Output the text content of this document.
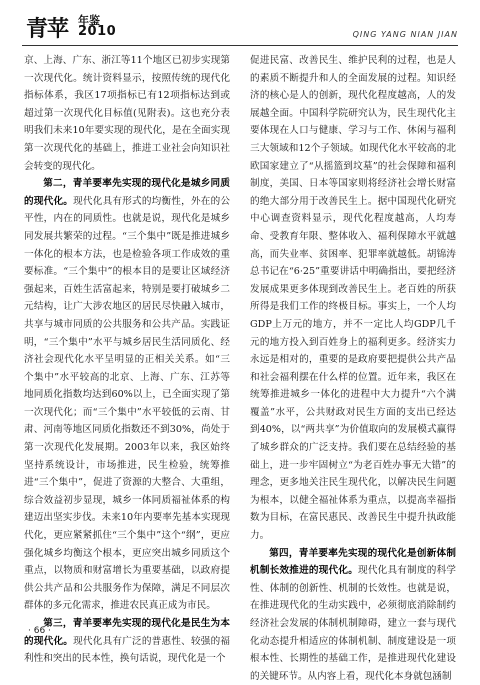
青苹 年鉴
2010	QING YANG NIAN JIAN

京、上海、广东、浙江等11个地区已初步实现第一次现代化。统计资料显示，按照传统的现代化指标体系，我区17项指标已有12项指标达到或超过第一次现代化目标值(见附表)。这也充分表明我们未来10年要实现的现代化，是在全面实现第一次现代化的基础上，推进工业社会向知识社会转变的现代化。

第二，青羊要率先实现的现代化是城乡同质的现代化。现代化具有形式的均衡性，外在的公平性，内在的同质性。也就是说，现代化是城乡同发展共繁荣的过程。“三个集中”既是推进城乡一体化的根本方法，也是检验各项工作成效的重要标准。“三个集中”的根本目的是要让区域经济强起来，百姓生活富起来，特别是要打破城乡二元结构，让广大涉农地区的居民尽快融入城市，共享与城市同质的公共服务和公共产品。实践证明，“三个集中”水平与城乡居民生活同质化、经济社会现代化水平呈明显的正相关关系。如“三个集中”水平较高的北京、上海、广东、江苏等地同质化指数均达到60%以上，已全面实现了第一次现代化；而“三个集中”水平较低的云南、甘肃、河南等地区同质化指数还不到30%，尚处于第一次现代化发展期。2003年以来，我区始终坚持系统设计，市场推进，民生检验，统筹推进“三个集中”，促进了资源的大整合、大重组，综合效益初步显现，城乡一体同质福祉体系的构建迈出坚实步伐。未来10年内要率先基本实现现代化，更应紧紧抓住“三个集中”这个“纲”，更应强化城乡均衡这个根本，更应突出城乡同质这个重点，以物质和财富增长为重要基础，以政府提供公共产品和公共服务作为保障，满足不同层次群体的多元化需求，推进农民真正成为市民。

第三，青羊要率先实现的现代化是民生为本的现代化。现代化具有广泛的普惠性、较强的福利性和突出的民本性，换句话说，现代化是一个

促进民富、改善民生、维护民利的过程，也是人的素质不断提升和人的全面发展的过程。知识经济的核心是人的创新，现代化程度越高，人的发展越全面。中国科学院研究认为，民生现代化主要体现在人口与健康、学习与工作、休闲与福利三大领域和12个子领域。如现代化水平较高的北欧国家建立了“从摇篮到坟墓”的社会保障和福利制度，美国、日本等国家则将经济社会增长财富的绝大部分用于改善民生上。据中国现代化研究中心调查资料显示，现代化程度越高，人均寿命、受教育年限、整体收入、福利保障水平就越高，而失业率、贫困率、犯罪率就越低。胡锦涛总书记在“6·25”重要讲话中明确指出，要把经济发展成果更多体现到改善民生上。老百姓的所获所得是我们工作的终极目标。事实上，一个人均GDP上万元的地方，并不一定比人均GDP几千元的地方投入到百姓身上的福利更多。经济实力永远是相对的，重要的是政府要把提供公共产品和社会福利摆在什么样的位置。近年来，我区在统筹推进城乡一体化的进程中大力提升“六个满覆盖”水平，公共财政对民生方面的支出已经达到40%，以“两共享”为价值取向的发展模式赢得了城乡群众的广泛支持。我们要在总结经验的基础上，进一步牢固树立“为老百姓办事无大错”的理念，更多地关注民生现代化，以解决民生问题为根本，以健全福祉体系为重点，以提高幸福指数为目标，在富民惠民、改善民生中提升执政能力。

第四，青羊要率先实现的现代化是创新体制机制长效推进的现代化。现代化具有制度的科学性、体制的创新性、机制的长效性。也就是说，在推进现代化的生动实践中，必须彻底消除制约经济社会发展的体制机制障碍，建立一套与现代化动态提升相适应的体制机制、制度建设是一项根本性、长期性的基础工作，是推进现代化建设的关键环节。从内容上看，现代化本身就包涵制

· 66 ·
